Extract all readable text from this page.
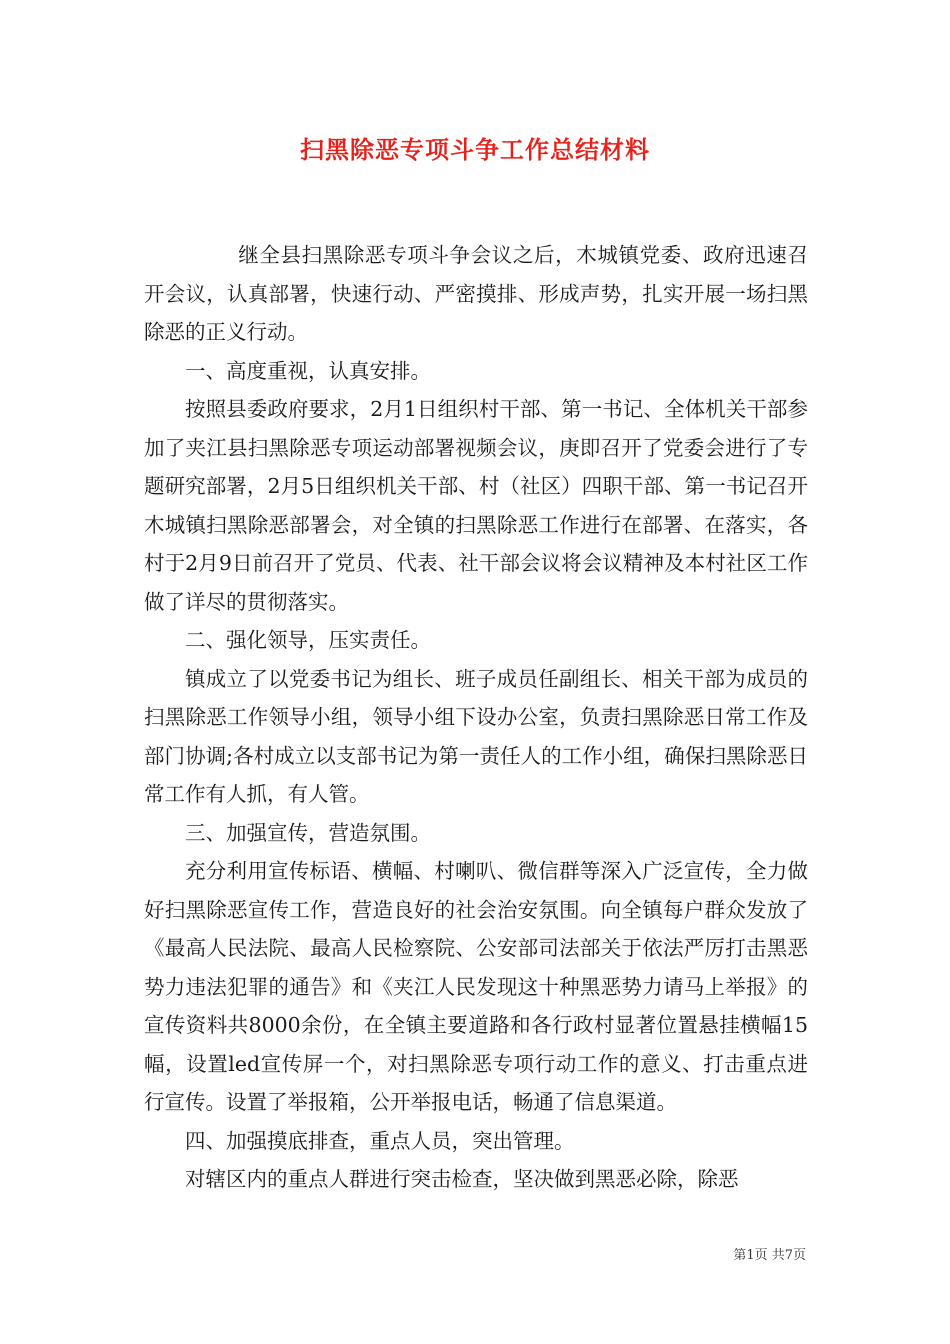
扫黑除恶专项斗争工作总结材料

继全县扫黑除恶专项斗争会议之后，木城镇党委、政府迅速召开会议，认真部署，快速行动、严密摸排、形成声势，扎实开展一场扫黑除恶的正义行动。

一、高度重视，认真安排。

按照县委政府要求，2月1日组织村干部、第一书记、全体机关干部参加了夹江县扫黑除恶专项运动部署视频会议，庚即召开了党委会进行了专题研究部署，2月5日组织机关干部、村（社区）四职干部、第一书记召开木城镇扫黑除恶部署会，对全镇的扫黑除恶工作进行在部署、在落实，各村于2月9日前召开了党员、代表、社干部会议将会议精神及本村社区工作做了详尽的贯彻落实。

二、强化领导，压实责任。

镇成立了以党委书记为组长、班子成员任副组长、相关干部为成员的扫黑除恶工作领导小组，领导小组下设办公室，负责扫黑除恶日常工作及部门协调;各村成立以支部书记为第一责任人的工作小组，确保扫黑除恶日常工作有人抓，有人管。

三、加强宣传，营造氛围。

充分利用宣传标语、横幅、村喇叭、微信群等深入广泛宣传，全力做好扫黑除恶宣传工作，营造良好的社会治安氛围。向全镇每户群众发放了《最高人民法院、最高人民检察院、公安部司法部关于依法严厉打击黑恶势力违法犯罪的通告》和《夹江人民发现这十种黑恶势力请马上举报》的宣传资料共8000余份，在全镇主要道路和各行政村显著位置悬挂横幅15幅，设置led宣传屏一个，对扫黑除恶专项行动工作的意义、打击重点进行宣传。设置了举报箱，公开举报电话，畅通了信息渠道。

四、加强摸底排查，重点人员，突出管理。

对辖区内的重点人群进行突击检查，坚决做到黑恶必除，除恶

第1页 共7页
